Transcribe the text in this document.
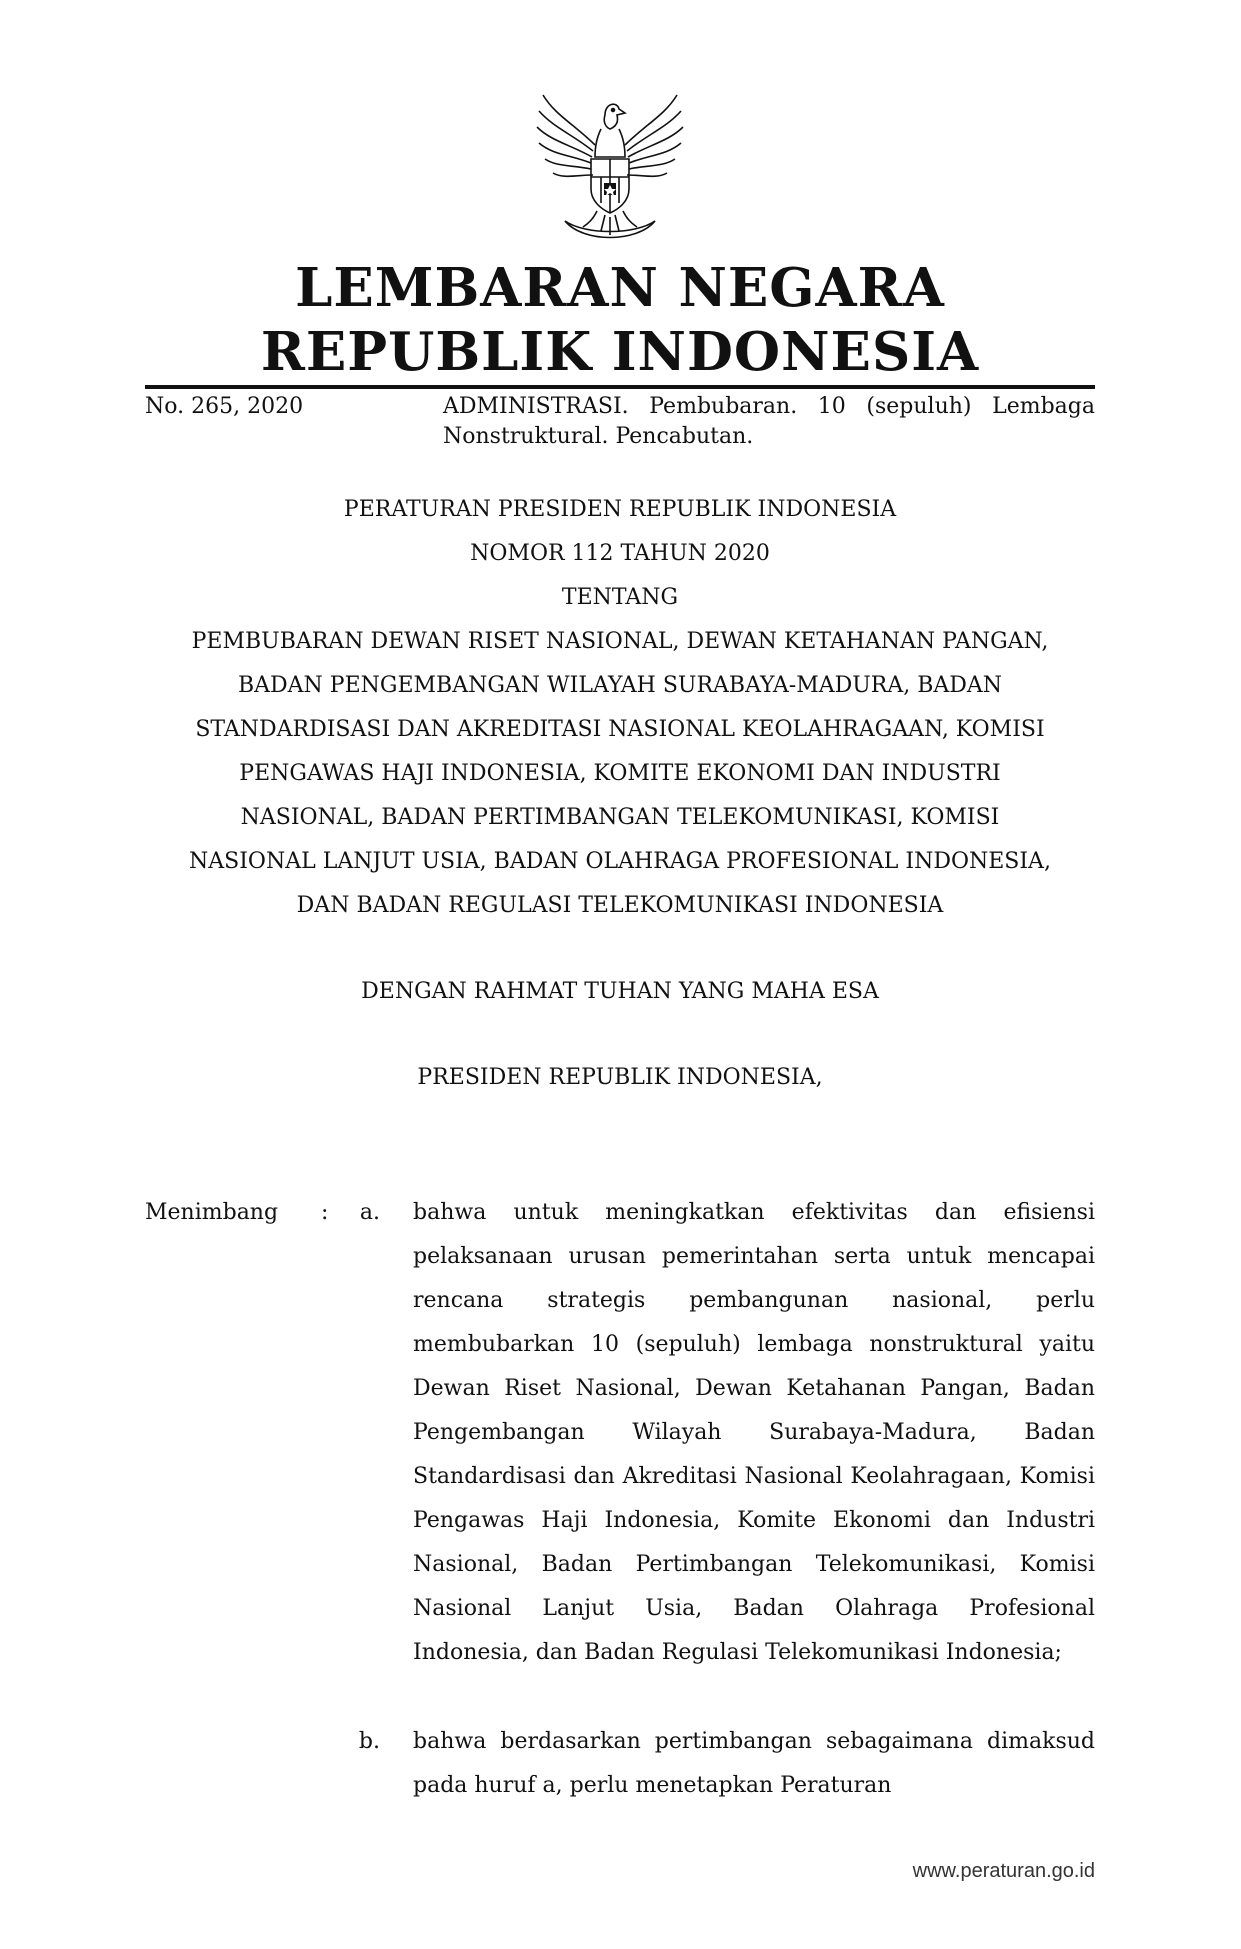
LEMBARAN NEGARA
REPUBLIK INDONESIA
No. 265, 2020	ADMINISTRASI. Pembubaran. 10 (sepuluh) Lembaga Nonstruktural. Pencabutan.
PERATURAN PRESIDEN REPUBLIK INDONESIA
NOMOR 112 TAHUN 2020
TENTANG
PEMBUBARAN DEWAN RISET NASIONAL, DEWAN KETAHANAN PANGAN,
BADAN PENGEMBANGAN WILAYAH SURABAYA-MADURA, BADAN
STANDARDISASI DAN AKREDITASI NASIONAL KEOLAHRAGAAN, KOMISI
PENGAWAS HAJI INDONESIA, KOMITE EKONOMI DAN INDUSTRI
NASIONAL, BADAN PERTIMBANGAN TELEKOMUNIKASI, KOMISI
NASIONAL LANJUT USIA, BADAN OLAHRAGA PROFESIONAL INDONESIA,
DAN BADAN REGULASI TELEKOMUNIKASI INDONESIA
DENGAN RAHMAT TUHAN YANG MAHA ESA
PRESIDEN REPUBLIK INDONESIA,
Menimbang :	a. bahwa untuk meningkatkan efektivitas dan efisiensi pelaksanaan urusan pemerintahan serta untuk mencapai rencana strategis pembangunan nasional, perlu membubarkan 10 (sepuluh) lembaga nonstruktural yaitu Dewan Riset Nasional, Dewan Ketahanan Pangan, Badan Pengembangan Wilayah Surabaya-Madura, Badan Standardisasi dan Akreditasi Nasional Keolahragaan, Komisi Pengawas Haji Indonesia, Komite Ekonomi dan Industri Nasional, Badan Pertimbangan Telekomunikasi, Komisi Nasional Lanjut Usia, Badan Olahraga Profesional Indonesia, dan Badan Regulasi Telekomunikasi Indonesia;
b. bahwa berdasarkan pertimbangan sebagaimana dimaksud pada huruf a, perlu menetapkan Peraturan
www.peraturan.go.id
